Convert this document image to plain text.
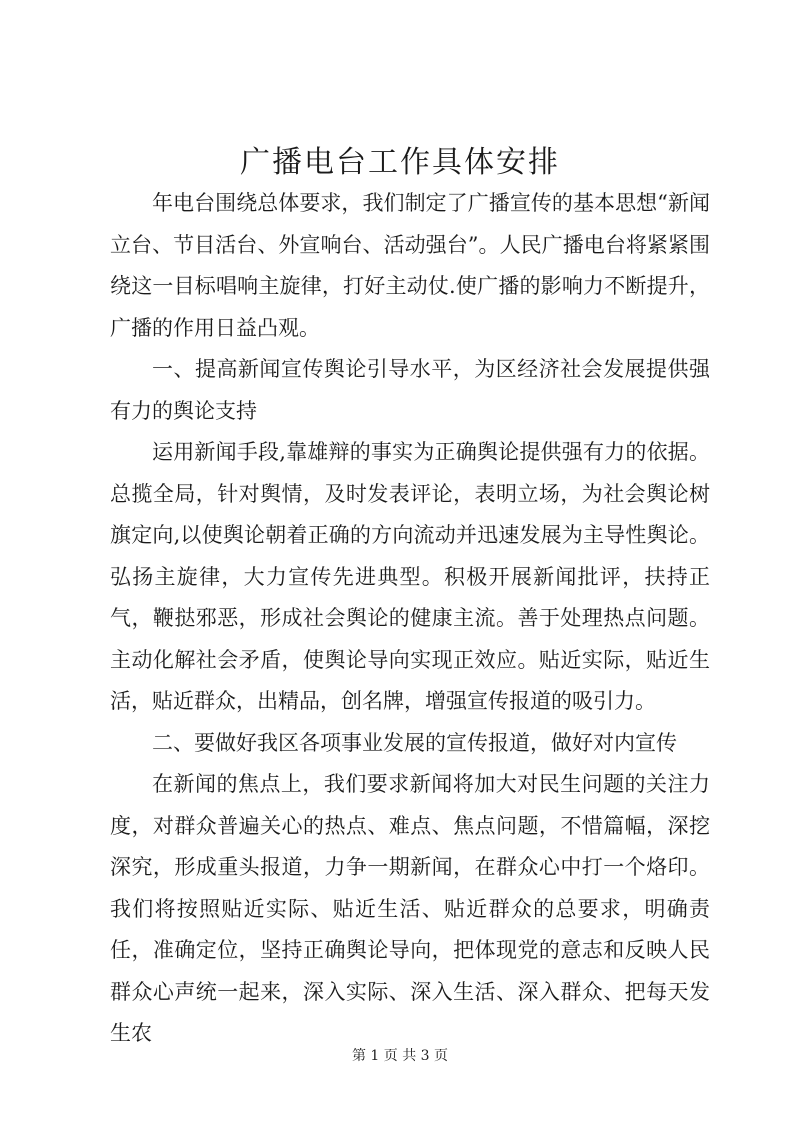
广播电台工作具体安排

年电台围绕总体要求，我们制定了广播宣传的基本思想“新闻立台、节目活台、外宣响台、活动强台”。人民广播电台将紧紧围绕这一目标唱响主旋律，打好主动仗.使广播的影响力不断提升，广播的作用日益凸观。

一、提高新闻宣传舆论引导水平，为区经济社会发展提供强有力的舆论支持

运用新闻手段,靠雄辩的事实为正确舆论提供强有力的依据。总揽全局，针对舆情，及时发表评论，表明立场，为社会舆论树旗定向,以使舆论朝着正确的方向流动并迅速发展为主导性舆论。弘扬主旋律，大力宣传先进典型。积极开展新闻批评，扶持正气，鞭挞邪恶，形成社会舆论的健康主流。善于处理热点问题。主动化解社会矛盾，使舆论导向实现正效应。贴近实际，贴近生活，贴近群众，出精品，创名牌，增强宣传报道的吸引力。

二、要做好我区各项事业发展的宣传报道，做好对内宣传

在新闻的焦点上，我们要求新闻将加大对民生问题的关注力度，对群众普遍关心的热点、难点、焦点问题，不惜篇幅，深挖深究，形成重头报道，力争一期新闻，在群众心中打一个烙印。我们将按照贴近实际、贴近生活、贴近群众的总要求，明确责任，准确定位，坚持正确舆论导向，把体现党的意志和反映人民群众心声统一起来，深入实际、深入生活、深入群众、把每天发生农

第 1 页 共 3 页
